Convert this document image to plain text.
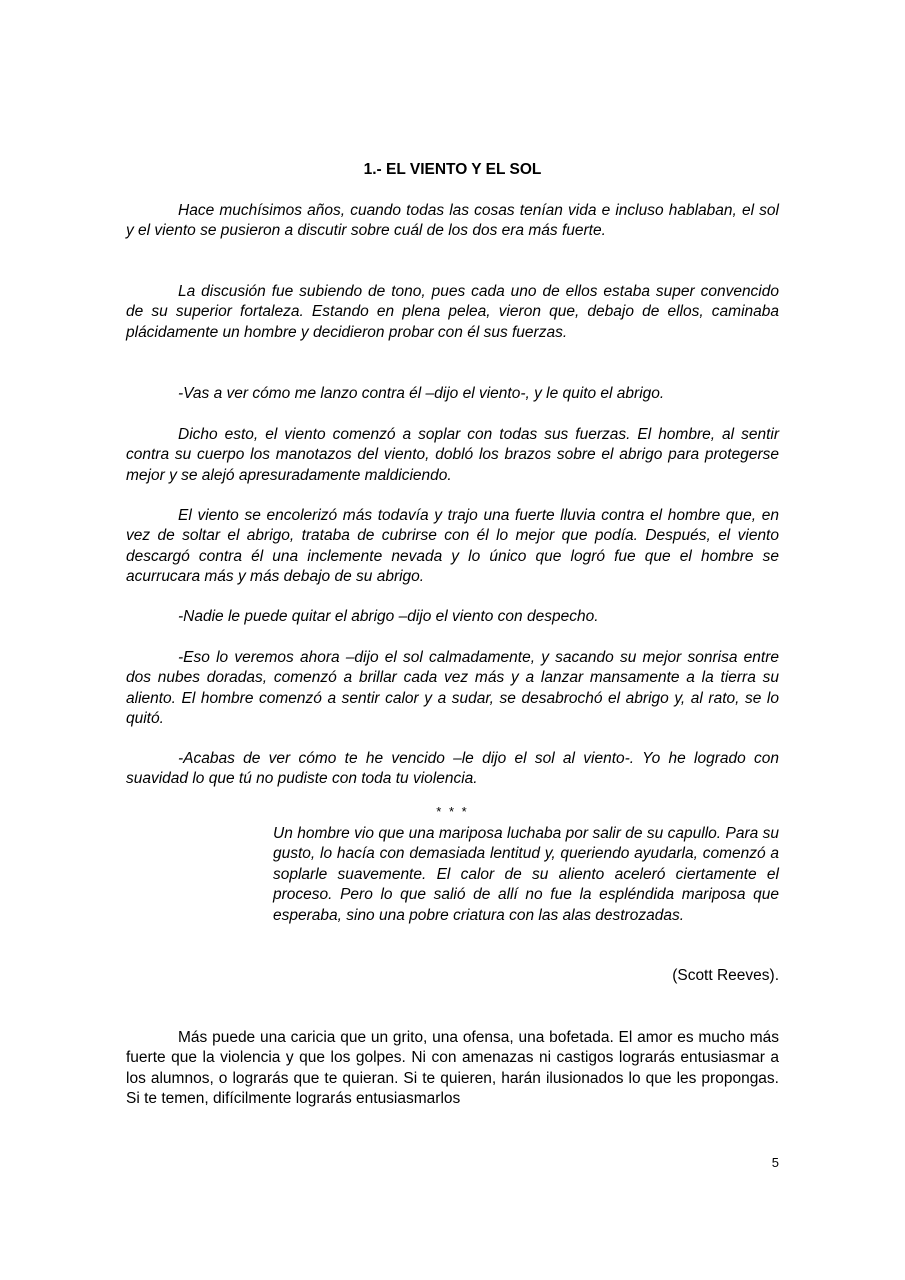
1.- EL VIENTO Y EL SOL

Hace muchísimos años, cuando todas las cosas tenían vida e incluso hablaban, el sol y el viento se pusieron a discutir sobre cuál de los dos era más fuerte.

La discusión fue subiendo de tono, pues cada uno de ellos estaba super convencido de su superior fortaleza. Estando en plena pelea, vieron que, debajo de ellos, caminaba plácidamente un hombre y decidieron probar con él sus fuerzas.

-Vas a ver cómo me lanzo contra él –dijo el viento-, y le quito el abrigo.

Dicho esto, el viento comenzó a soplar con todas sus fuerzas. El hombre, al sentir contra su cuerpo los manotazos del viento, dobló los brazos sobre el abrigo para protegerse mejor y se alejó apresuradamente maldiciendo.

El viento se encolerizó más todavía y trajo una fuerte lluvia contra el hombre que, en vez de soltar el abrigo, trataba de cubrirse con él lo mejor que podía. Después, el viento descargó contra él una inclemente nevada y lo único que logró fue que el hombre se acurrucara más y más debajo de su abrigo.

-Nadie le puede quitar el abrigo –dijo el viento con despecho.

-Eso lo veremos ahora –dijo el sol calmadamente, y sacando su mejor sonrisa entre dos nubes doradas, comenzó a brillar cada vez más y a lanzar mansamente a la tierra su aliento. El hombre comenzó a sentir calor y a sudar, se desabrochó el abrigo y, al rato, se lo quitó.

-Acabas de ver cómo te he vencido –le dijo el sol al viento-. Yo he logrado con suavidad lo que tú no pudiste con toda tu violencia.

* * *

Un hombre vio que una mariposa luchaba por salir de su capullo. Para su gusto, lo hacía con demasiada lentitud y, queriendo ayudarla, comenzó a soplarle suavemente. El calor de su aliento aceleró ciertamente el proceso. Pero lo que salió de allí no fue la espléndida mariposa que esperaba, sino una pobre criatura con las alas destrozadas.

(Scott Reeves).

Más puede una caricia que un grito, una ofensa, una bofetada. El amor es mucho más fuerte que la violencia y que los golpes. Ni con amenazas ni castigos lograrás entusiasmar a los alumnos, o lograrás que te quieran. Si te quieren, harán ilusionados lo que les propongas. Si te temen, difícilmente lograrás entusiasmarlos

5
